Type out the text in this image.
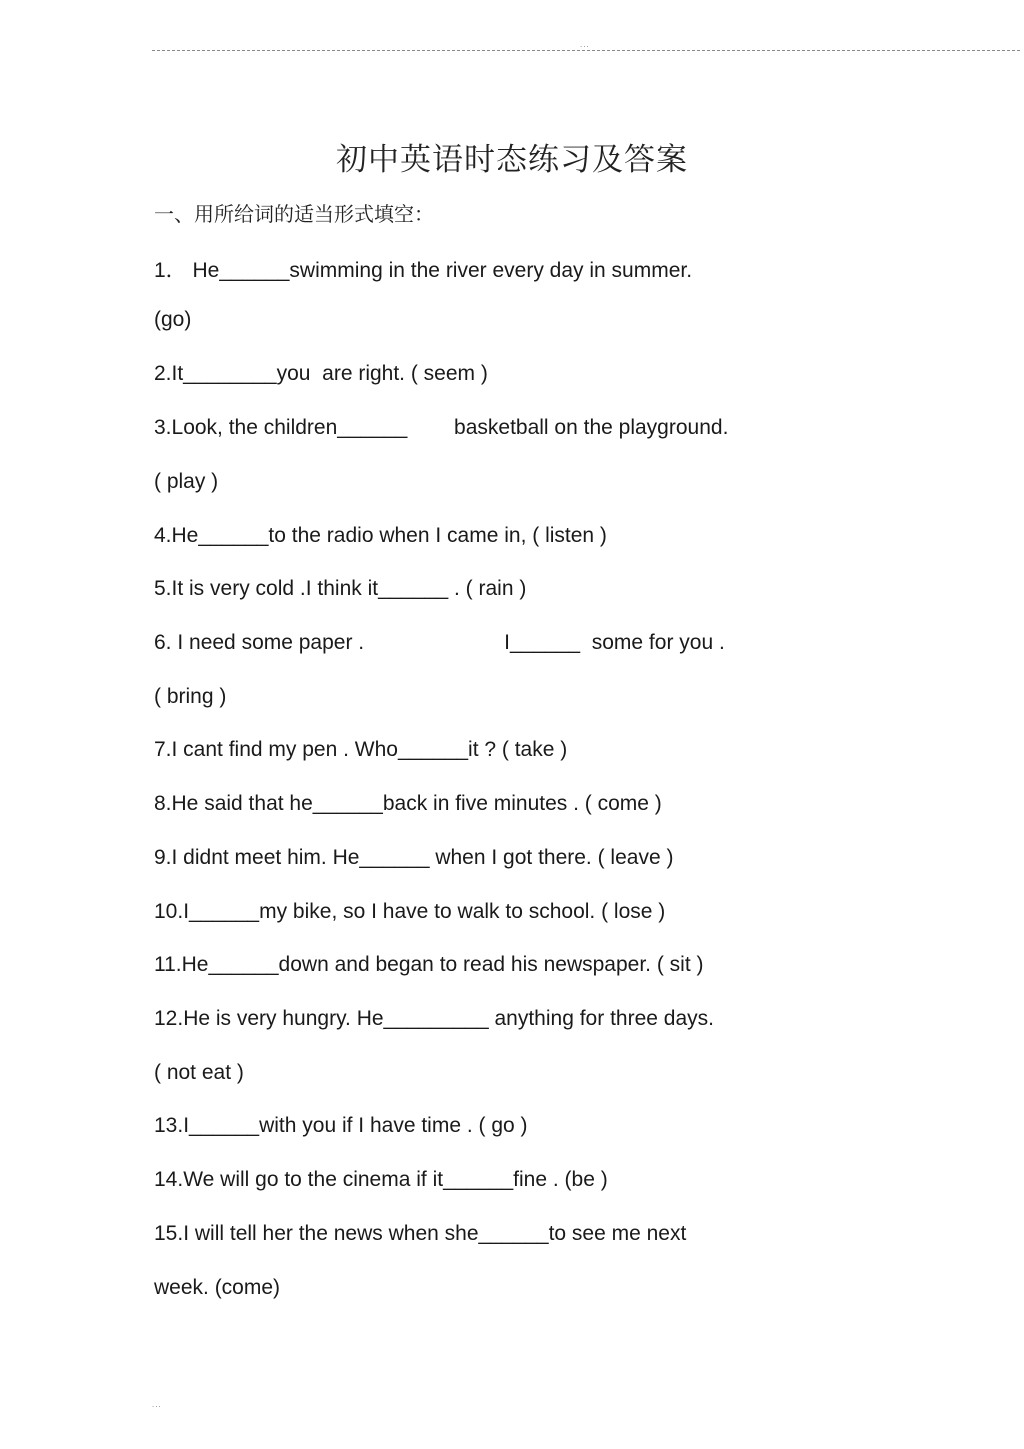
...
初中英语时态练习及答案
一、用所给词的适当形式填空：
1． He______swimming in the river every day in summer.
(go)
2.It________you  are right. ( seem )
3.Look, the children______        basketball on the playground.
( play )
4.He______to the radio when I came in, ( listen )
5.It is very cold .I think it______ . ( rain )
6. I need some paper .                        I______  some for you .
( bring )
7.I cant find my pen . Who______it ? ( take )
8.He said that he______back in five minutes . ( come )
9.I didnt meet him. He______ when I got there. ( leave )
10.I______my bike, so I have to walk to school. ( lose )
11.He______down and began to read his newspaper. ( sit )
12.He is very hungry. He_________ anything for three days.
( not eat )
13.I______with you if I have time . ( go )
14.We will go to the cinema if it______fine . (be )
15.I will tell her the news when she______to see me next
week. (come)
...
